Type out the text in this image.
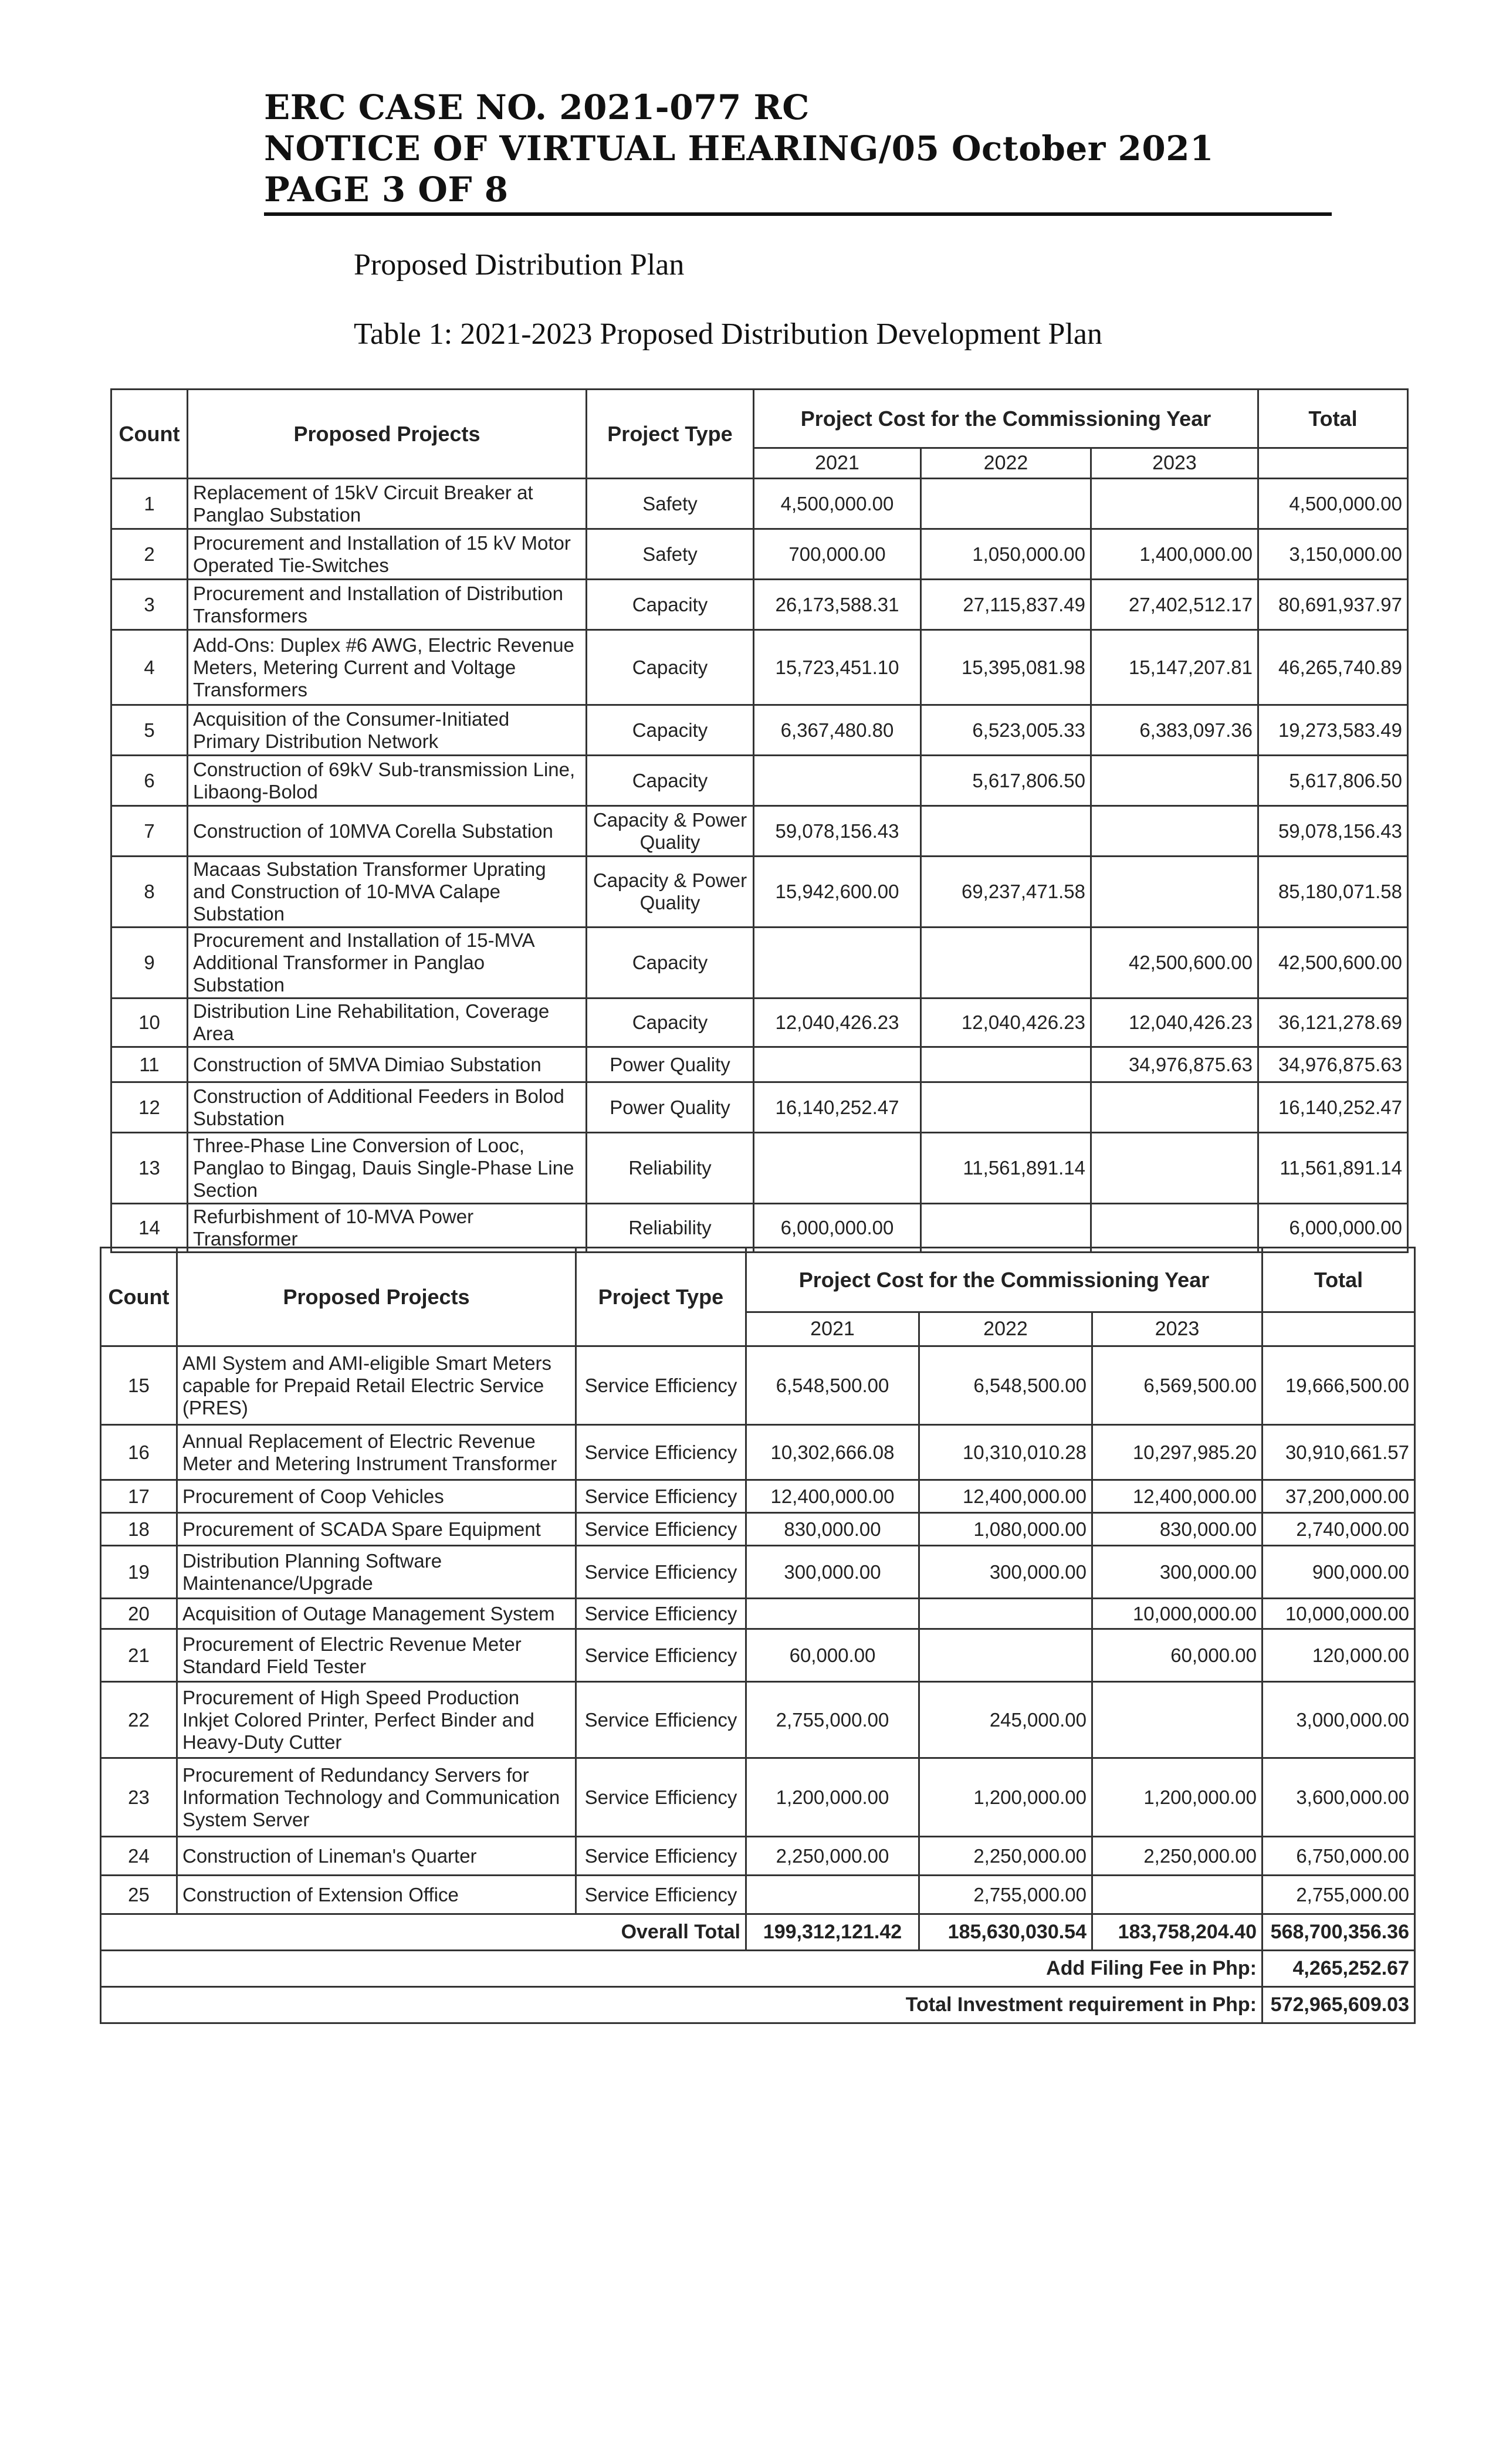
ERC CASE NO. 2021-077 RC
NOTICE OF VIRTUAL HEARING/05 October 2021
PAGE 3 OF 8
Proposed Distribution Plan
Table 1: 2021-2023 Proposed Distribution Development Plan
Count	Proposed Projects	Project Type	Project Cost for the Commissioning Year			Total
			2021	2022	2023	
1	Replacement of 15kV Circuit Breaker at Panglao Substation	Safety	4,500,000.00			4,500,000.00
2	Procurement and Installation of 15 kV Motor Operated Tie-Switches	Safety	700,000.00	1,050,000.00	1,400,000.00	3,150,000.00
3	Procurement and Installation of Distribution Transformers	Capacity	26,173,588.31	27,115,837.49	27,402,512.17	80,691,937.97
4	Add-Ons: Duplex #6 AWG, Electric Revenue Meters, Metering Current and Voltage Transformers	Capacity	15,723,451.10	15,395,081.98	15,147,207.81	46,265,740.89
5	Acquisition of the Consumer-Initiated Primary Distribution Network	Capacity	6,367,480.80	6,523,005.33	6,383,097.36	19,273,583.49
6	Construction of 69kV Sub-transmission Line, Libaong-Bolod	Capacity		5,617,806.50		5,617,806.50
7	Construction of 10MVA Corella Substation	Capacity & Power Quality	59,078,156.43			59,078,156.43
8	Macaas Substation Transformer Uprating and Construction of 10-MVA Calape Substation	Capacity & Power Quality	15,942,600.00	69,237,471.58		85,180,071.58
9	Procurement and Installation of 15-MVA Additional Transformer in Panglao Substation	Capacity			42,500,600.00	42,500,600.00
10	Distribution Line Rehabilitation, Coverage Area	Capacity	12,040,426.23	12,040,426.23	12,040,426.23	36,121,278.69
11	Construction of 5MVA Dimiao Substation	Power Quality			34,976,875.63	34,976,875.63
12	Construction of Additional Feeders in Bolod Substation	Power Quality	16,140,252.47			16,140,252.47
13	Three-Phase Line Conversion of Looc, Panglao to Bingag, Dauis Single-Phase Line Section	Reliability		11,561,891.14		11,561,891.14
14	Refurbishment of 10-MVA Power Transformer	Reliability	6,000,000.00			6,000,000.00
Count	Proposed Projects	Project Type	Project Cost for the Commissioning Year			Total
			2021	2022	2023	
15	AMI System and AMI-eligible Smart Meters capable for Prepaid Retail Electric Service (PRES)	Service Efficiency	6,548,500.00	6,548,500.00	6,569,500.00	19,666,500.00
16	Annual Replacement of Electric Revenue Meter and Metering Instrument Transformer	Service Efficiency	10,302,666.08	10,310,010.28	10,297,985.20	30,910,661.57
17	Procurement of Coop Vehicles	Service Efficiency	12,400,000.00	12,400,000.00	12,400,000.00	37,200,000.00
18	Procurement of SCADA Spare Equipment	Service Efficiency	830,000.00	1,080,000.00	830,000.00	2,740,000.00
19	Distribution Planning Software Maintenance/Upgrade	Service Efficiency	300,000.00	300,000.00	300,000.00	900,000.00
20	Acquisition of Outage Management System	Service Efficiency			10,000,000.00	10,000,000.00
21	Procurement of Electric Revenue Meter Standard Field Tester	Service Efficiency	60,000.00		60,000.00	120,000.00
22	Procurement of High Speed Production Inkjet Colored Printer, Perfect Binder and Heavy-Duty Cutter	Service Efficiency	2,755,000.00	245,000.00		3,000,000.00
23	Procurement of Redundancy Servers for Information Technology and Communication System Server	Service Efficiency	1,200,000.00	1,200,000.00	1,200,000.00	3,600,000.00
24	Construction of Lineman's Quarter	Service Efficiency	2,250,000.00	2,250,000.00	2,250,000.00	6,750,000.00
25	Construction of Extension Office	Service Efficiency		2,755,000.00		2,755,000.00
Overall Total			199,312,121.42	185,630,030.54	183,758,204.40	568,700,356.36
Add Filing Fee in Php:						4,265,252.67
Total Investment requirement in Php:						572,965,609.03
